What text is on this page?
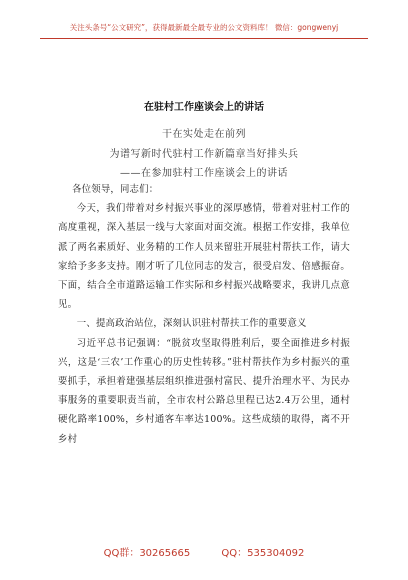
关注头条号“公文研究”，获得最新最全最专业的公文资料库！ 微信：gongwenyj
在驻村工作座谈会上的讲话
干在实处走在前列
为谱写新时代驻村工作新篇章当好排头兵
——在参加驻村工作座谈会上的讲话

各位领导，同志们：

今天，我们带着对乡村振兴事业的深厚感情，带着对驻村工作的高度重视，深入基层一线与大家面对面交流。根据工作安排，我单位派了两名素质好、业务精的工作人员来留驻开展驻村帮扶工作，请大家给予多多支持。刚才听了几位同志的发言，很受启发、倍感振奋。下面，结合全市道路运输工作实际和乡村振兴战略要求，我讲几点意见。

一、提高政治站位，深刻认识驻村帮扶工作的重要意义

习近平总书记强调：“脱贫攻坚取得胜利后，要全面推进乡村振兴，这是‘三农’工作重心的历史性转移。”驻村帮扶作为乡村振兴的重要抓手，承担着建强基层组织推进强村富民、提升治理水平、为民办事服务的重要职责当前，全市农村公路总里程已达2.4万公里，通村硬化路率100%，乡村通客车率达100%。这些成绩的取得，离不开乡村

QQ群：30265665	QQ：535304092
